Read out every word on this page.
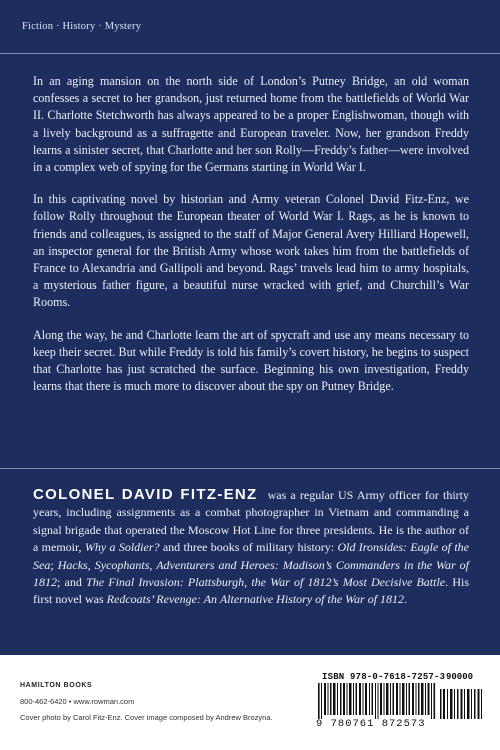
Fiction · History · Mystery

In an aging mansion on the north side of London’s Putney Bridge, an old woman confesses a secret to her grandson, just returned home from the battlefields of World War II. Charlotte Stetchworth has always appeared to be a proper Englishwoman, though with a lively background as a suffragette and European traveler. Now, her grandson Freddy learns a sinister secret, that Charlotte and her son Rolly—Freddy’s father—were involved in a complex web of spying for the Germans starting in World War I.

In this captivating novel by historian and Army veteran Colonel David Fitz-Enz, we follow Rolly throughout the European theater of World War I. Rags, as he is known to friends and colleagues, is assigned to the staff of Major General Avery Hilliard Hopewell, an inspector general for the British Army whose work takes him from the battlefields of France to Alexandria and Gallipoli and beyond. Rags’ travels lead him to army hospitals, a mysterious father figure, a beautiful nurse wracked with grief, and Churchill’s War Rooms.

Along the way, he and Charlotte learn the art of spycraft and use any means necessary to keep their secret. But while Freddy is told his family’s covert history, he begins to suspect that Charlotte has just scratched the surface. Beginning his own investigation, Freddy learns that there is much more to discover about the spy on Putney Bridge.

COLONEL DAVID FITZ-ENZ was a regular US Army officer for thirty years, including assignments as a combat photographer in Vietnam and commanding a signal brigade that operated the Moscow Hot Line for three presidents. He is the author of a memoir, Why a Soldier? and three books of military history: Old Ironsides: Eagle of the Sea; Hacks, Sycophants, Adventurers and Heroes: Madison’s Commanders in the War of 1812; and The Final Invasion: Plattsburgh, the War of 1812’s Most Decisive Battle. His first novel was Redcoats’ Revenge: An Alternative History of the War of 1812.
HAMILTON BOOKS
800-462-6420 • www.rowman.com
Cover photo by Carol Fitz-Enz. Cover image composed by Andrew Brozyna.
ISBN 978-0-7618-7257-3 90000
9 780761 872573
